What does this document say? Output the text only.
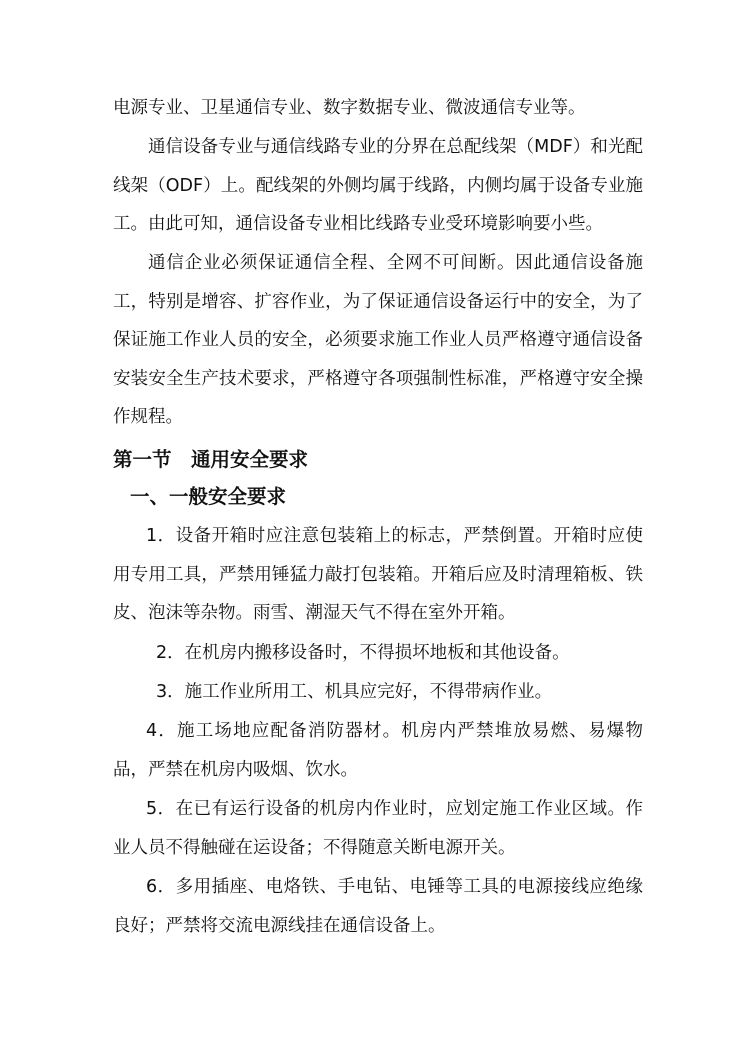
电源专业、卫星通信专业、数字数据专业、微波通信专业等。

通信设备专业与通信线路专业的分界在总配线架（MDF）和光配线架（ODF）上。配线架的外侧均属于线路，内侧均属于设备专业施工。由此可知，通信设备专业相比线路专业受环境影响要小些。

通信企业必须保证通信全程、全网不可间断。因此通信设备施工，特别是增容、扩容作业，为了保证通信设备运行中的安全，为了保证施工作业人员的安全，必须要求施工作业人员严格遵守通信设备安装安全生产技术要求，严格遵守各项强制性标准，严格遵守安全操作规程。

第一节　通用安全要求
一、一般安全要求

1．设备开箱时应注意包装箱上的标志，严禁倒置。开箱时应使用专用工具，严禁用锤猛力敲打包装箱。开箱后应及时清理箱板、铁皮、泡沫等杂物。雨雪、潮湿天气不得在室外开箱。

2．在机房内搬移设备时，不得损坏地板和其他设备。

3．施工作业所用工、机具应完好，不得带病作业。

4．施工场地应配备消防器材。机房内严禁堆放易燃、易爆物品，严禁在机房内吸烟、饮水。

5．在已有运行设备的机房内作业时，应划定施工作业区域。作业人员不得触碰在运设备；不得随意关断电源开关。

6．多用插座、电烙铁、手电钻、电锤等工具的电源接线应绝缘良好；严禁将交流电源线挂在通信设备上。
